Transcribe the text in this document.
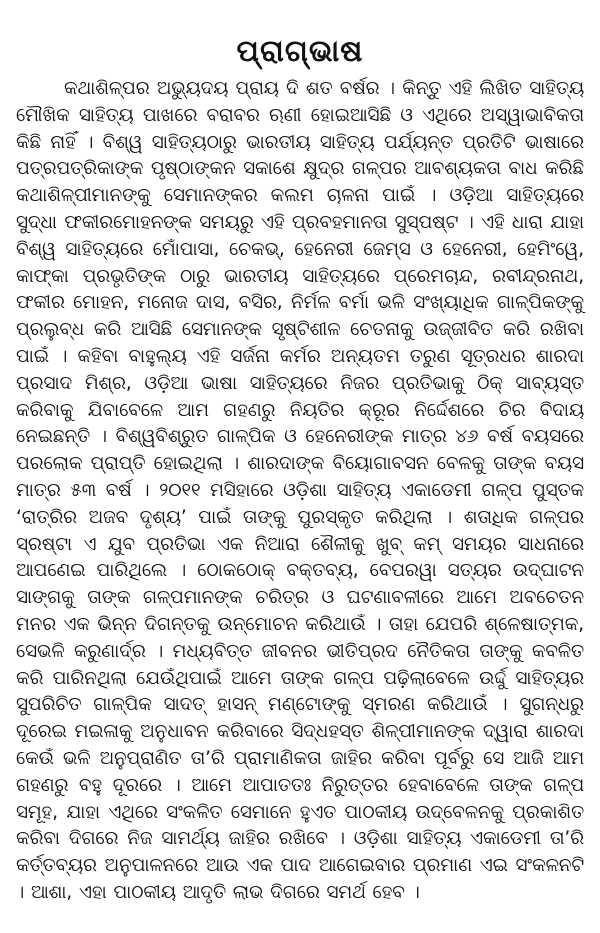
ପ୍ରାଗ୍‌ଭାଷ

କଥାଶିଳ୍ପର ଅଭ୍ୟୁଦୟ ପ୍ରାୟ ଦି ଶତ ବର୍ଷର । କିନ୍ତୁ ଏହି ଲିଖିତ ସାହିତ୍ୟ ମୌଖିକ ସାହିତ୍ୟ ପାଖରେ ବରାବର ଋଣୀ ହୋଇଆସିଛି ଓ ଏଥିରେ ଅସ୍ୱାଭାବିକତା କିଛି ନାହିଁ । ବିଶ୍ୱ ସାହିତ୍ୟଠାରୁ ଭାରତୀୟ ସାହିତ୍ୟ ପର୍ଯ୍ୟନ୍ତ ପ୍ରତିଟି ଭାଷାରେ ପତ୍ରପତ୍ରିକାଙ୍କ ପୃଷ୍ଠାଙ୍କନ ସକାଶେ କ୍ଷୁଦ୍ର ଗଳ୍ପର ଆବଶ୍ୟକତା ବାଧ କରିଛି କଥାଶିଳ୍ପୀମାନଙ୍କୁ ସେମାନଙ୍କର କଲମ ଚାଳନା ପାଇଁ । ଓଡ଼ିଆ ସାହିତ୍ୟରେ ସୁଦ୍ଧା ଫକୀରମୋହନଙ୍କ ସମୟରୁ ଏହି ପ୍ରବହମାନତା ସୁସ୍ପଷ୍ଟ । ଏହି ଧାରା ଯାହା ବିଶ୍ୱ ସାହିତ୍ୟରେ ମୋଁପାସା, ଚେକଭ୍, ହେନେରୀ ଜେମ୍‌ସ ଓ ହେନେରୀ, ହେମିଂୱେ, କାଫ୍‌କା ପ୍ରଭୃତିଙ୍କ ଠାରୁ ଭାରତୀୟ ସାହିତ୍ୟରେ ପ୍ରେମଚାନ୍ଦ, ରବୀନ୍ଦ୍ରନାଥ, ଫକୀର ମୋହନ, ମନୋଜ ଦାସ, ବସିର, ନିର୍ମଳ ବର୍ମା ଭଳି ସଂଖ୍ୟାଧିକ ଗାଳ୍ପିକଙ୍କୁ ପ୍ରଲୁବ୍ଧ କରି ଆସିଛି ସେମାନଙ୍କ ସୃଷ୍ଟିଶୀଳ ଚେତନାକୁ ଉଜ୍ଜୀବିତ କରି ରଖିବା ପାଇଁ । କହିବା ବାହୁଲ୍ୟ ଏହି ସର୍ଜନା କର୍ମର ଅନ୍ୟତମ ତରୁଣ ସୂତ୍ରଧର ଶାରଦା ପ୍ରସାଦ ମିଶ୍ର, ଓଡ଼ିଆ ଭାଷା ସାହିତ୍ୟରେ ନିଜର ପ୍ରତିଭାକୁ ଠିକ୍ ସାବ୍ୟସ୍ତ କରିବାକୁ ଯିବାବେଳେ ଆମ ଗହଣରୁ ନିୟତିର କ୍ରୂର ନିର୍ଦ୍ଦେଶରେ ଚିର ବିଦାୟ ନେଇଛନ୍ତି । ବିଶ୍ୱବିଶ୍ରୁତ ଗାଳ୍ପିକ ଓ ହେନେରୀଙ୍କ ମାତ୍ର ୪୬ ବର୍ଷ ବୟସରେ ପରଲୋକ ପ୍ରାପ୍ତି ହୋଇଥିଲା । ଶାରଦାଙ୍କ ବିୟୋଗାବସନ ବେଳକୁ ତାଙ୍କ ବୟସ ମାତ୍ର ୫୩ ବର୍ଷ । ୨୦୧୧ ମସିହାରେ ଓଡ଼ିଶା ସାହିତ୍ୟ ଏକାଡେମୀ ଗଳ୍ପ ପୁସ୍ତକ ‘ରାତ୍ରିର ଅଜବ ଦୃଶ୍ୟ’ ପାଇଁ ତାଙ୍କୁ ପୁରସ୍କୃତ କରିଥିଲା । ଶତାଧିକ ଗଳ୍ପର ସ୍ରଷ୍ଟା ଏ ଯୁବ ପ୍ରତିଭା ଏକ ନିଆରା ଶୈଳୀକୁ ଖୁବ୍ କମ୍ ସମୟର ସାଧନାରେ ଆପଣେଇ ପାରିଥିଲେ । ଠୋକଠୋକ୍ ବକ୍ତବ୍ୟ, ବେପରୱା ସତ୍ୟର ଉଦ୍‌ଘାଟନ ସାଙ୍ଗକୁ ତାଙ୍କ ଗଳ୍ପମାନଙ୍କ ଚରିତ୍ର ଓ ଘଟଣାବଳୀରେ ଆମେ ଅବଚେତନ ମନର ଏକ ଭିନ୍ନ ଦିଗନ୍ତକୁ ଉନ୍ମୋଚନ କରିଥାଉଁ । ତାହା ଯେପରି ଶ୍ଳେଷାତ୍ମକ, ସେଭଳି କରୁଣାର୍ଦ୍ର । ମଧ୍ୟବିତ୍ତ ଜୀବନର ଭୀତିପ୍ରଦ ନୈତିକତା ତାଙ୍କୁ କବଳିତ କରି ପାରିନଥିଲା ଯେଉଁଥିପାଇଁ ଆମେ ତାଙ୍କ ଗଳ୍ପ ପଢ଼ିଲାବେଳେ ଉର୍ଦ୍ଦୁ ସାହିତ୍ୟର ସୁପରିଚିତ ଗାଳ୍ପିକ ସାଦତ୍ ହାସନ୍ ମଣ୍ଟୋଙ୍କୁ ସ୍ମରଣ କରିଥାଉଁ । ସୁଗନ୍ଧରୁ ଦୂରେଇ ମଇଳାକୁ ଅନୁଧାବନ କରିବାରେ ସିଦ୍ଧହସ୍ତ ଶିଳ୍ପୀମାନଙ୍କ ଦ୍ୱାରା ଶାରଦା କେଉଁ ଭଳି ଅନୁପ୍ରାଣିତ ତା’ରି ପ୍ରାମାଣିକତା ଜାହିର କରିବା ପୂର୍ବରୁ ସେ ଆଜି ଆମ ଗହଣରୁ ବହୁ ଦୂରରେ । ଆମେ ଆପାତତଃ ନିରୁତ୍ତର ହେବାବେଳେ ତାଙ୍କ ଗଳ୍ପ ସମୂହ, ଯାହା ଏଥିରେ ସଂକଳିତ ସେମାନେ ହୁଏତ ପାଠକୀୟ ଉଦ୍‌ବେଳନକୁ ପ୍ରକାଶିତ କରିବା ଦିଗରେ ନିଜ ସାମର୍ଥ୍ୟ ଜାହିର ରଖିବେ । ଓଡ଼ିଶା ସାହିତ୍ୟ ଏକାଡେମୀ ତା’ରି କର୍ତ୍ତବ୍ୟର ଅନୁପାଳନରେ ଆଉ ଏକ ପାଦ ଆଗେଇବାର ପ୍ରମାଣ ଏଇ ସଂକଳନଟି । ଆଶା, ଏହା ପାଠକୀୟ ଆଦୃତି ଲାଭ ଦିଗରେ ସମର୍ଥ ହେବ ।
